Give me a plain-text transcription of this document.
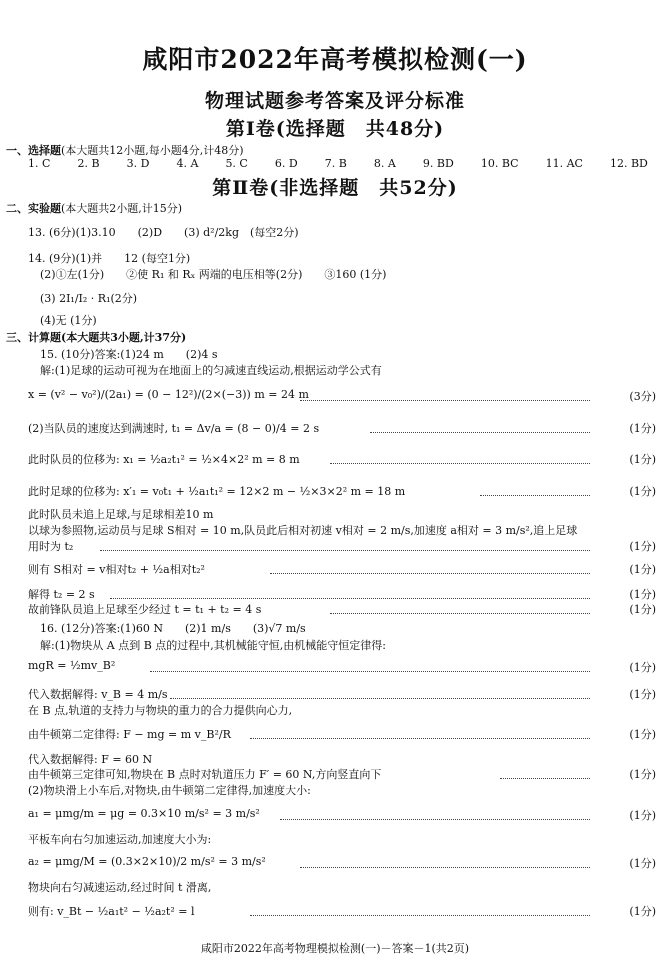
咸阳市2022年高考模拟检测(一)
物理试题参考答案及评分标准
第Ⅰ卷(选择题　共48分)
一、选择题(本大题共12小题,每小题4分,计48分)
1. C 2. B 3. D 4. A 5. C 6. D 7. B 8. A 9. BD 10. BC 11. AC 12. BD
第Ⅱ卷(非选择题　共52分)
二、实验题(本大题共2小题,计15分)
13. (6分)(1)3.10　　(2)D　　(3) d²/2kg　(每空2分)
14. (9分)(1)并　　12 (每空1分)
(2)①左(1分)　　②使 R₁ 和 Rₓ 两端的电压相等(2分)　　③160 (1分)
(3) 2I₁/I₂ · R₁(2分)
(4)无 (1分)
三、计算题(本大题共3小题,计37分)
15. (10分)答案:(1)24 m　　(2)4 s
解:(1)足球的运动可视为在地面上的匀减速直线运动,根据运动学公式有
x = (v² − v₀²)/(2a₁) = (0 − 12²)/(2×(−3)) m = 24 m	(3分)
(2)当队员的速度达到满速时, t₁ = Δv/a = (8 − 0)/4 = 2 s	(1分)
此时队员的位移为: x₁ = ½a₂t₁² = ½×4×2² m = 8 m	(1分)
此时足球的位移为: x′₁ = v₀t₁ + ½a₁t₁² = 12×2 m − ½×3×2² m = 18 m	(1分)
此时队员未追上足球,与足球相差10 m
以球为参照物,运动员与足球 S相对 = 10 m,队员此后相对初速 v相对 = 2 m/s,加速度 a相对 = 3 m/s²,追上足球
用时为 t₂	(1分)
则有 S相对 = v相对t₂ + ½a相对t₂²	(1分)
解得 t₂ = 2 s	(1分)
故前锋队员追上足球至少经过 t = t₁ + t₂ = 4 s	(1分)
16. (12分)答案:(1)60 N　　(2)1 m/s　　(3)√7 m/s
解:(1)物块从 A 点到 B 点的过程中,其机械能守恒,由机械能守恒定律得:
mgR = ½mv_B²	(1分)
代入数据解得: v_B = 4 m/s	(1分)
在 B 点,轨道的支持力与物块的重力的合力提供向心力,
由牛顿第二定律得: F − mg = m v_B²/R	(1分)
代入数据解得: F = 60 N
由牛顿第三定律可知,物块在 B 点时对轨道压力 F′ = 60 N,方向竖直向下	(1分)
(2)物块滑上小车后,对物块,由牛顿第二定律得,加速度大小:
a₁ = μmg/m = μg = 0.3×10 m/s² = 3 m/s²	(1分)
平板车向右匀加速运动,加速度大小为:
a₂ = μmg/M = (0.3×2×10)/2 m/s² = 3 m/s²	(1分)
物块向右匀减速运动,经过时间 t 滑离,
则有: v_Bt − ½a₁t² − ½a₂t² = l	(1分)
咸阳市2022年高考物理模拟检测(一)－答案－1(共2页)
